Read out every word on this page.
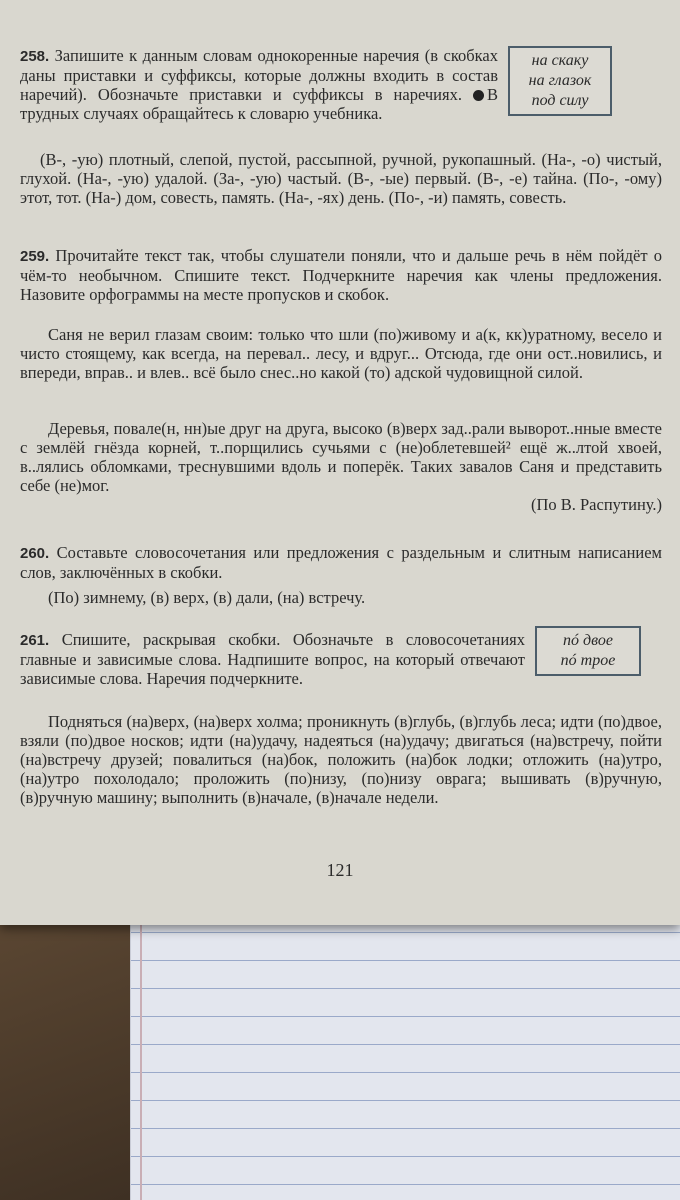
258. Запишите к данным словам однокоренные наречия (в скобках даны приставки и суффиксы, которые должны входить в состав наречий). Обозначьте приставки и суффиксы в наречиях. В трудных случаях обращайтесь к словарю учебника.

на скаку
на глазок
под силу

(В-, -ую) плотный, слепой, пустой, рассыпной, ручной, рукопашный. (На-, -о) чистый, глухой. (На-, -ую) удалой. (За-, -ую) частый. (В-, -ые) первый. (В-, -е) тайна. (По-, -ому) этот, тот. (На-) дом, совесть, память. (На-, -ях) день. (По-, -и) память, совесть.

259. Прочитайте текст так, чтобы слушатели поняли, что и дальше речь в нём пойдёт о чём-то необычном. Спишите текст. Подчеркните наречия как члены предложения. Назовите орфограммы на месте пропусков и скобок.

Саня не верил глазам своим: только что шли (по)живому и а(к, кк)уратному, весело и чисто стоящему, как всегда, на перевал.. лесу, и вдруг... Отсюда, где они ост..новились, и впереди, вправ.. и влев.. всё было снес..но какой (то) адской чудовищной силой.

Деревья, повале(н, нн)ые друг на друга, высоко (в)верх зад..рали выворот..нные вместе с землёй гнёзда корней, т..порщились сучьями с (не)облетевшей² ещё ж..лтой хвоей, в..лялись обломками, треснувшими вдоль и поперёк. Таких завалов Саня и представить себе (не)мог.

(По В. Распутину.)

260. Составьте словосочетания или предложения с раздельным и слитным написанием слов, заключённых в скобки.

(По) зимнему, (в) верх, (в) дали, (на) встречу.

261. Спишите, раскрывая скобки. Обозначьте в словосочетаниях главные и зависимые слова. Надпишите вопрос, на который отвечают зависимые слова. Наречия подчеркните.

пó двое
пó трое

Подняться (на)верх, (на)верх холма; проникнуть (в)глубь, (в)глубь леса; идти (по)двое, взяли (по)двое носков; идти (на)удачу, надеяться (на)удачу; двигаться (на)встречу, пойти (на)встречу друзей; повалиться (на)бок, положить (на)бок лодки; отложить (на)утро, (на)утро похолодало; проложить (по)низу, (по)низу оврага; вышивать (в)ручную, (в)ручную машину; выполнить (в)начале, (в)начале недели.

121
